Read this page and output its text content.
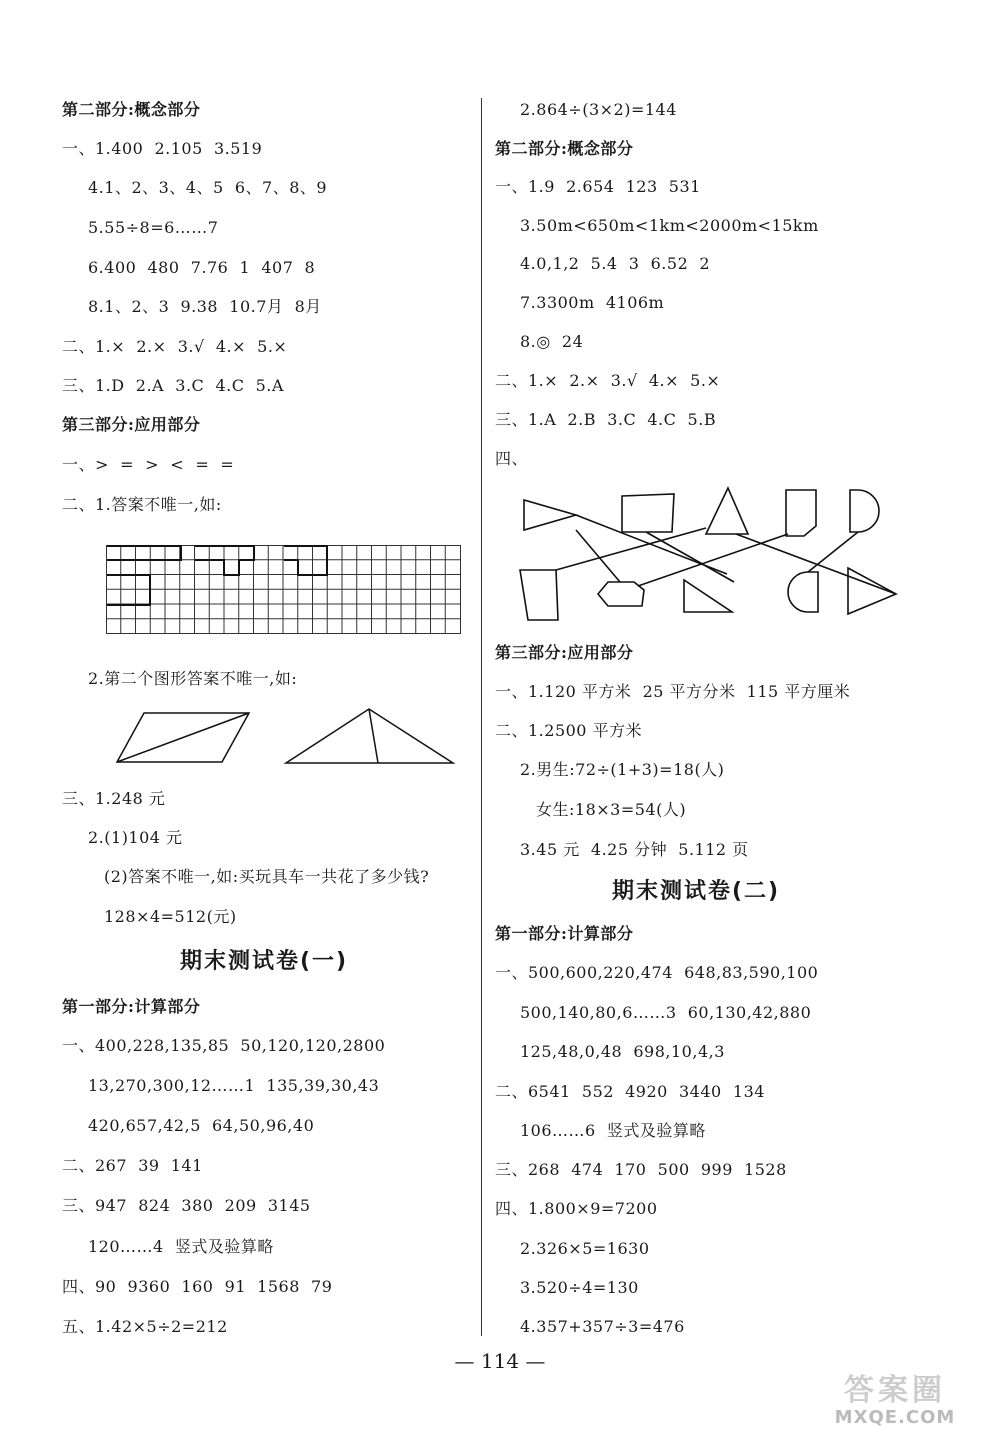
第二部分:概念部分
一、1.400  2.105  3.519
4.1、2、3、4、5  6、7、8、9
5.55÷8=6……7
6.400  480  7.76  1  407  8
8.1、2、3  9.38  10.7月  8月
二、1.×  2.×  3.√  4.×  5.×
三、1.D  2.A  3.C  4.C  5.A
第三部分:应用部分
一、>  =  >  <  =  =
二、1.答案不唯一,如:
2.第二个图形答案不唯一,如:
三、1.248 元
2.(1)104 元
(2)答案不唯一,如:买玩具车一共花了多少钱?
128×4=512(元)
期末测试卷(一)
第一部分:计算部分
一、400,228,135,85  50,120,120,2800
13,270,300,12……1  135,39,30,43
420,657,42,5  64,50,96,40
二、267  39  141
三、947  824  380  209  3145
120……4  竖式及验算略
四、90  9360  160  91  1568  79
五、1.42×5÷2=212
2.864÷(3×2)=144
第二部分:概念部分
一、1.9  2.654  123  531
3.50m<650m<1km<2000m<15km
4.0,1,2  5.4  3  6.52  2
7.3300m  4106m
8.◎  24
二、1.×  2.×  3.√  4.×  5.×
三、1.A  2.B  3.C  4.C  5.B
四、
第三部分:应用部分
一、1.120 平方米  25 平方分米  115 平方厘米
二、1.2500 平方米
2.男生:72÷(1+3)=18(人)
女生:18×3=54(人)
3.45 元  4.25 分钟  5.112 页
期末测试卷(二)
第一部分:计算部分
一、500,600,220,474  648,83,590,100
500,140,80,6……3  60,130,42,880
125,48,0,48  698,10,4,3
二、6541  552  4920  3440  134
106……6  竖式及验算略
三、268  474  170  500  999  1528
四、1.800×9=7200
2.326×5=1630
3.520÷4=130
4.357+357÷3=476
— 114 —
答案圈
MXQE.COM
